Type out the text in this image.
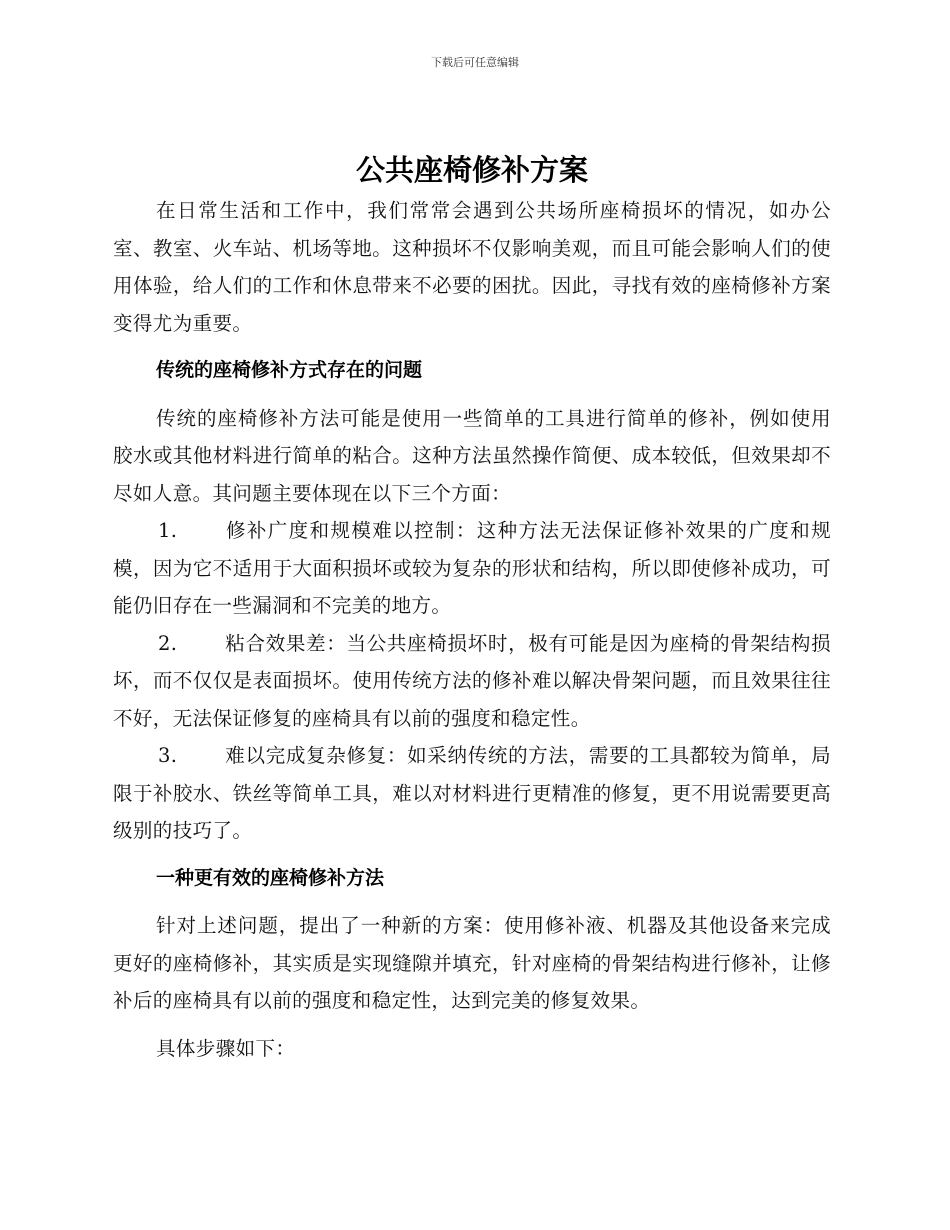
下载后可任意编辑
公共座椅修补方案

在日常生活和工作中，我们常常会遇到公共场所座椅损坏的情况，如办公室、教室、火车站、机场等地。这种损坏不仅影响美观，而且可能会影响人们的使用体验，给人们的工作和休息带来不必要的困扰。因此，寻找有效的座椅修补方案变得尤为重要。

传统的座椅修补方式存在的问题

传统的座椅修补方法可能是使用一些简单的工具进行简单的修补，例如使用胶水或其他材料进行简单的粘合。这种方法虽然操作简便、成本较低，但效果却不尽如人意。其问题主要体现在以下三个方面：

1. 修补广度和规模难以控制：这种方法无法保证修补效果的广度和规模，因为它不适用于大面积损坏或较为复杂的形状和结构，所以即使修补成功，可能仍旧存在一些漏洞和不完美的地方。

2. 粘合效果差：当公共座椅损坏时，极有可能是因为座椅的骨架结构损坏，而不仅仅是表面损坏。使用传统方法的修补难以解决骨架问题，而且效果往往不好，无法保证修复的座椅具有以前的强度和稳定性。

3. 难以完成复杂修复：如采纳传统的方法，需要的工具都较为简单，局限于补胶水、铁丝等简单工具，难以对材料进行更精准的修复，更不用说需要更高级别的技巧了。

一种更有效的座椅修补方法

针对上述问题，提出了一种新的方案：使用修补液、机器及其他设备来完成更好的座椅修补，其实质是实现缝隙并填充，针对座椅的骨架结构进行修补，让修补后的座椅具有以前的强度和稳定性，达到完美的修复效果。

具体步骤如下：
